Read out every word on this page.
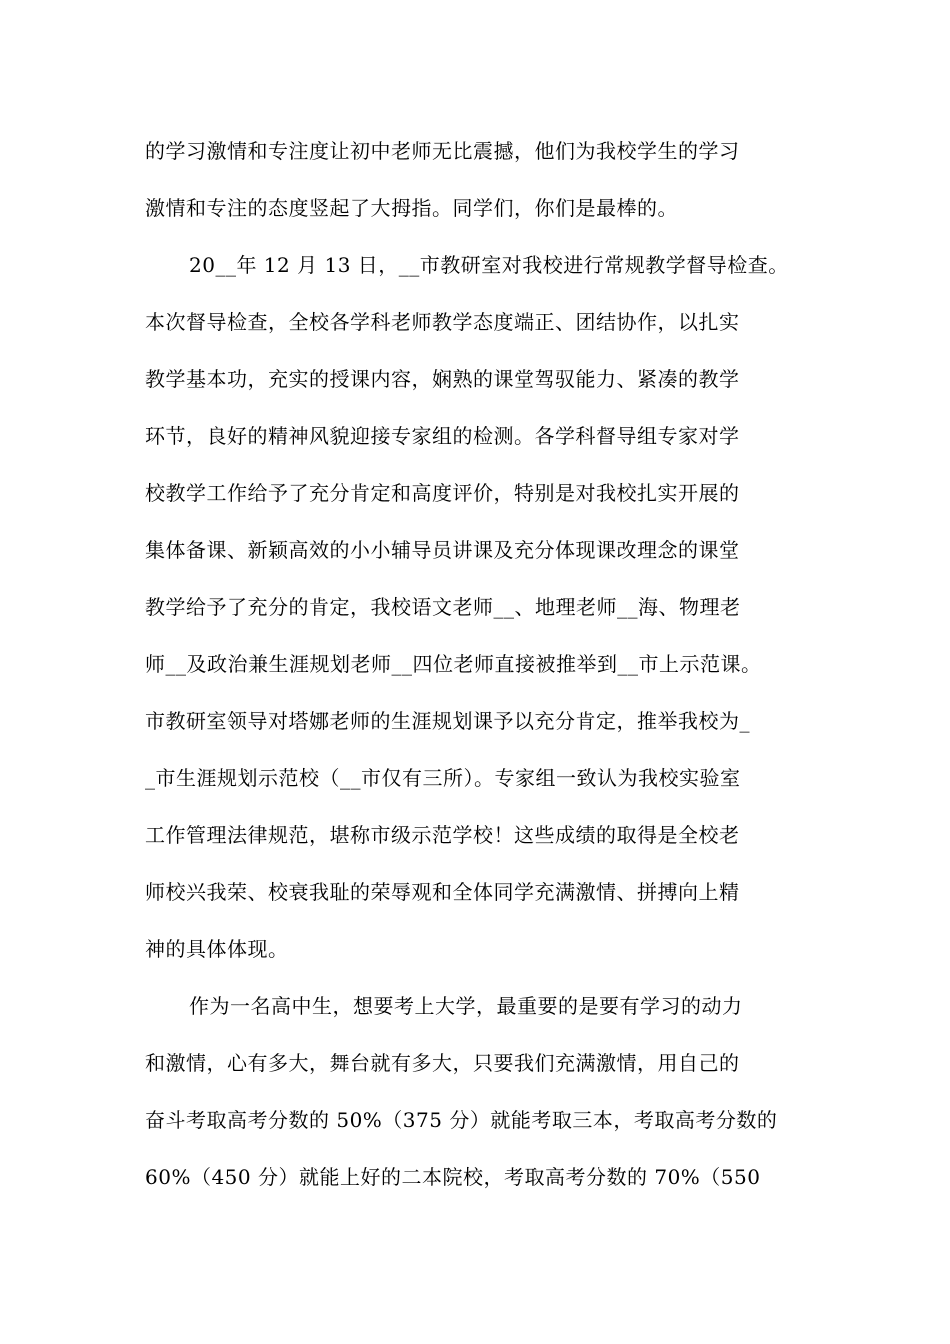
的学习激情和专注度让初中老师无比震撼，他们为我校学生的学习
激情和专注的态度竖起了大拇指。同学们，你们是最棒的。
20__年 12 月 13 日，__市教研室对我校进行常规教学督导检查。
本次督导检查，全校各学科老师教学态度端正、团结协作，以扎实
教学基本功，充实的授课内容，娴熟的课堂驾驭能力、紧凑的教学
环节，良好的精神风貌迎接专家组的检测。各学科督导组专家对学
校教学工作给予了充分肯定和高度评价，特别是对我校扎实开展的
集体备课、新颖高效的小小辅导员讲课及充分体现课改理念的课堂
教学给予了充分的肯定，我校语文老师__、地理老师__海、物理老
师__及政治兼生涯规划老师__四位老师直接被推举到__市上示范课。
市教研室领导对塔娜老师的生涯规划课予以充分肯定，推举我校为_
_市生涯规划示范校（__市仅有三所）。专家组一致认为我校实验室
工作管理法律规范，堪称市级示范学校！这些成绩的取得是全校老
师校兴我荣、校衰我耻的荣辱观和全体同学充满激情、拼搏向上精
神的具体体现。
作为一名高中生，想要考上大学，最重要的是要有学习的动力
和激情，心有多大，舞台就有多大，只要我们充满激情，用自己的
奋斗考取高考分数的 50%（375 分）就能考取三本，考取高考分数的
60%（450 分）就能上好的二本院校，考取高考分数的 70%（550
